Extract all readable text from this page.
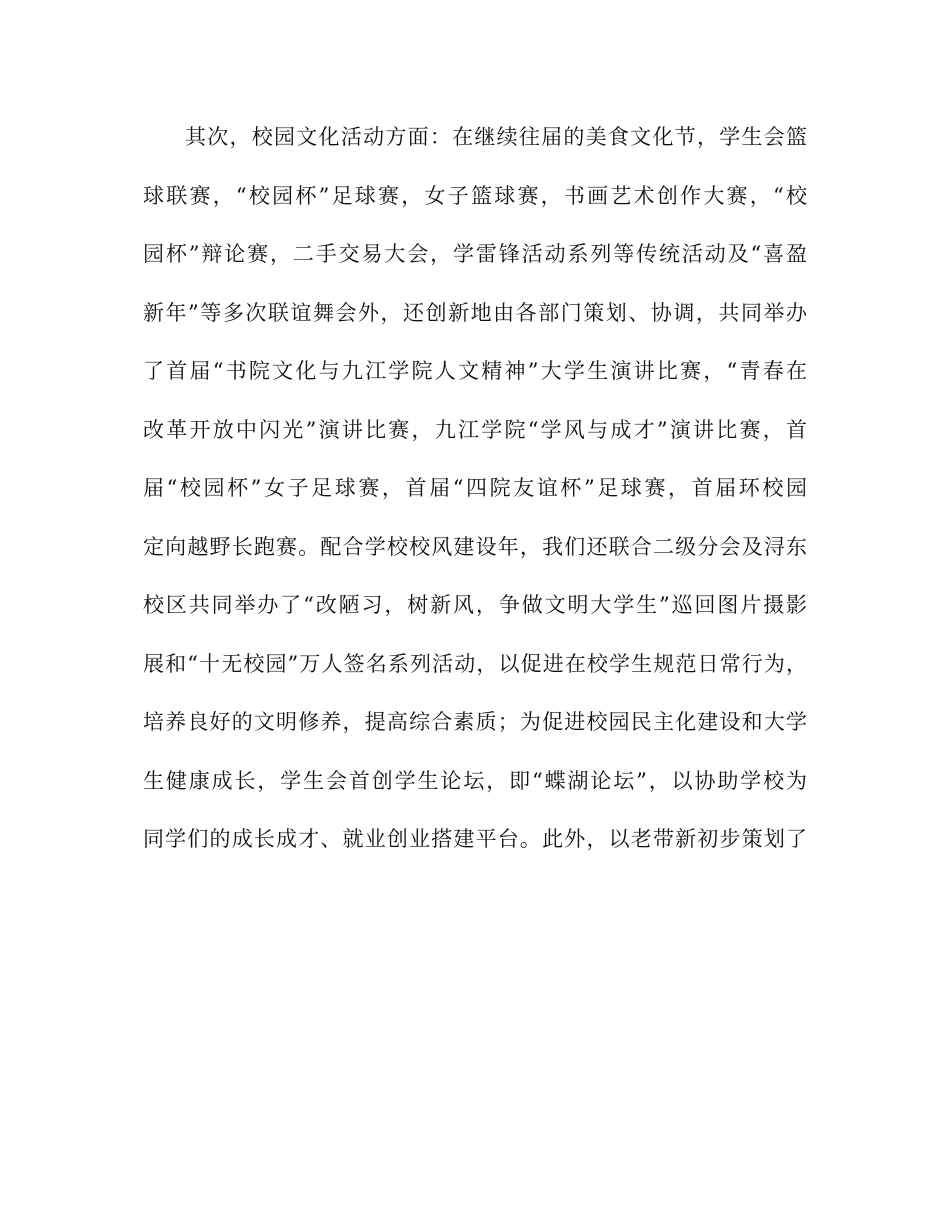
其次，校园文化活动方面：在继续往届的美食文化节，学生会篮
球联赛，“校园杯”足球赛，女子篮球赛，书画艺术创作大赛，“校
园杯”辩论赛，二手交易大会，学雷锋活动系列等传统活动及“喜盈
新年”等多次联谊舞会外，还创新地由各部门策划、协调，共同举办
了首届“书院文化与九江学院人文精神”大学生演讲比赛，“青春在
改革开放中闪光”演讲比赛，九江学院“学风与成才”演讲比赛，首
届“校园杯”女子足球赛，首届“四院友谊杯”足球赛，首届环校园
定向越野长跑赛。配合学校校风建设年，我们还联合二级分会及浔东
校区共同举办了“改陋习，树新风，争做文明大学生”巡回图片摄影
展和“十无校园”万人签名系列活动，以促进在校学生规范日常行为，
培养良好的文明修养，提高综合素质；为促进校园民主化建设和大学
生健康成长，学生会首创学生论坛，即“蝶湖论坛”，以协助学校为
同学们的成长成才、就业创业搭建平台。此外，以老带新初步策划了
